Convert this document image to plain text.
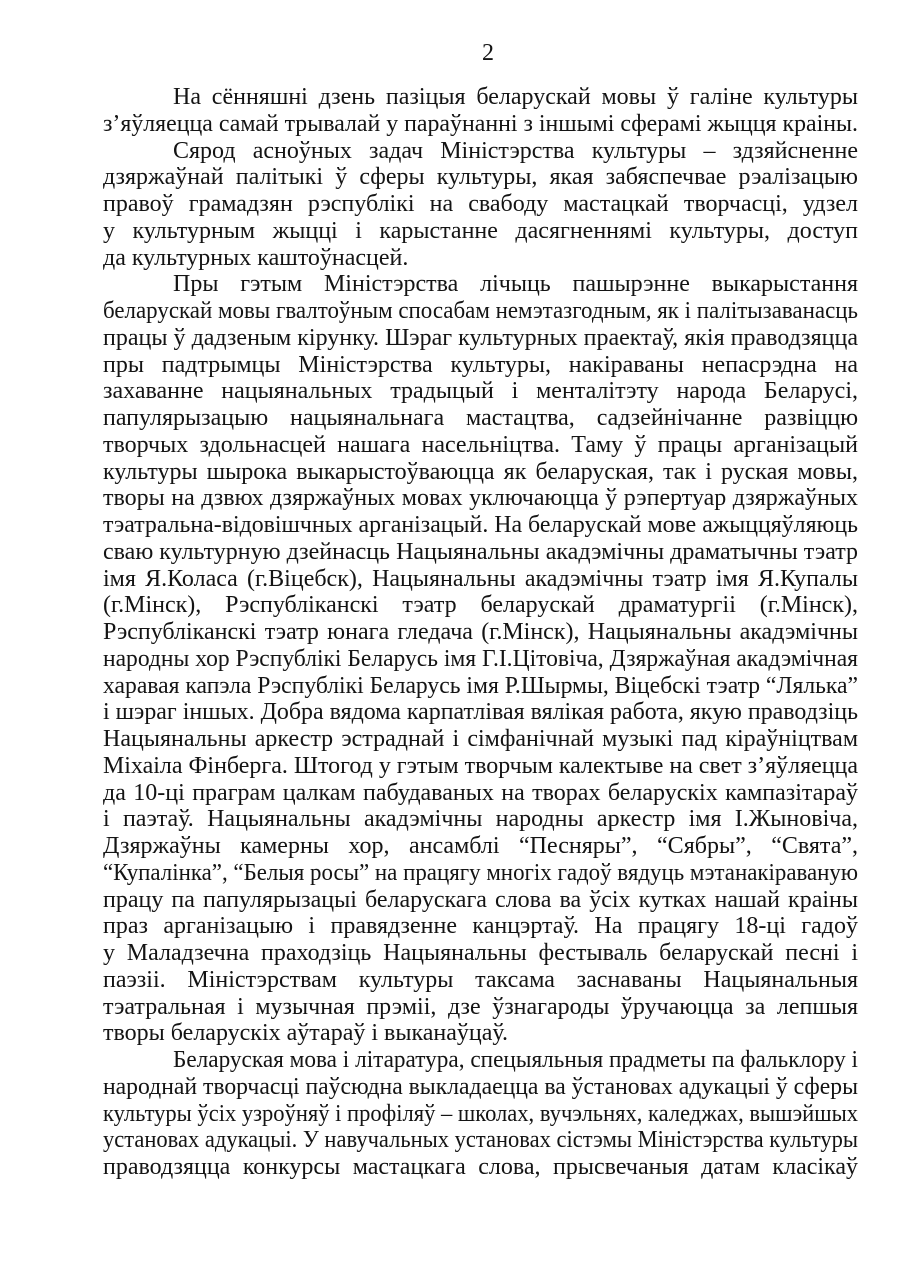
2
На сённяшні дзень пазіцыя беларускай мовы ў галіне культуры
з’яўляецца самай трывалай у параўнанні з іншымі сферамі жыцця краіны.
Сярод асноўных задач Міністэрства культуры – здзяйсненне
дзяржаўнай палітыкі ў сферы культуры, якая забяспечвае рэалізацыю
правоў грамадзян рэспублікі на свабоду мастацкай творчасці, удзел
у культурным жыцці і карыстанне дасягненнямі культуры, доступ
да культурных каштоўнасцей.
Пры гэтым Міністэрства лічыць пашырэнне выкарыстання
беларускай мовы гвалтоўным спосабам немэтазгодным, як і палітызаванасць
працы ў дадзеным кірунку. Шэраг культурных праектаў, якія праводзяцца
пры падтрымцы Міністэрства культуры, накіраваны непасрэдна на
захаванне нацыянальных традыцый і менталітэту народа Беларусі,
папулярызацыю нацыянальнага мастацтва, садзейнічанне развіццю
творчых здольнасцей нашага насельніцтва. Таму ў працы арганізацый
культуры шырока выкарыстоўваюцца як беларуская, так і руская мовы,
творы на дзвюх дзяржаўных мовах уключаюцца ў рэпертуар дзяржаўных
тэатральна-відовішчных арганізацый. На беларускай мове ажыццяўляюць
сваю культурную дзейнасць Нацыянальны акадэмічны драматычны тэатр
імя Я.Коласа (г.Віцебск), Нацыянальны акадэмічны тэатр імя Я.Купалы
(г.Мінск), Рэспубліканскі тэатр беларускай драматургіі (г.Мінск),
Рэспубліканскі тэатр юнага гледача (г.Мінск), Нацыянальны акадэмічны
народны хор Рэспублікі Беларусь імя Г.І.Цітовіча, Дзяржаўная акадэмічная
харавая капэла Рэспублікі Беларусь імя Р.Шырмы, Віцебскі тэатр “Лялька”
і шэраг іншых. Добра вядома карпатлівая вялікая работа, якую праводзіць
Нацыянальны аркестр эстраднай і сімфанічнай музыкі пад кіраўніцтвам
Міхаіла Фінберга. Штогод у гэтым творчым калектыве на свет з’яўляецца
да 10-ці праграм цалкам пабудаваных на творах беларускіх кампазітараў
і паэтаў. Нацыянальны акадэмічны народны аркестр імя І.Жыновіча,
Дзяржаўны камерны хор, ансамблі “Песняры”, “Сябры”, “Свята”,
“Купалінка”, “Белыя росы” на працягу многіх гадоў вядуць мэтанакіраваную
працу па папулярызацыі беларускага слова ва ўсіх кутках нашай краіны
праз арганізацыю і правядзенне канцэртаў. На працягу 18-ці гадоў
у Маладзечна праходзіць Нацыянальны фестываль беларускай песні і
паэзіі. Міністэрствам культуры таксама заснаваны Нацыянальныя
тэатральная і музычная прэміі, дзе ўзнагароды ўручаюцца за лепшыя
творы беларускіх аўтараў і выканаўцаў.
Беларуская мова і літаратура, спецыяльныя прадметы па фальклору і
народнай творчасці паўсюдна выкладаецца ва ўстановах адукацыі ў сферы
культуры ўсіх узроўняў і профіляў – школах, вучэльнях, каледжах, вышэйшых
установах адукацыі. У навучальных установах сістэмы Міністэрства культуры
праводзяцца конкурсы мастацкага слова, прысвечаныя датам класікаў
